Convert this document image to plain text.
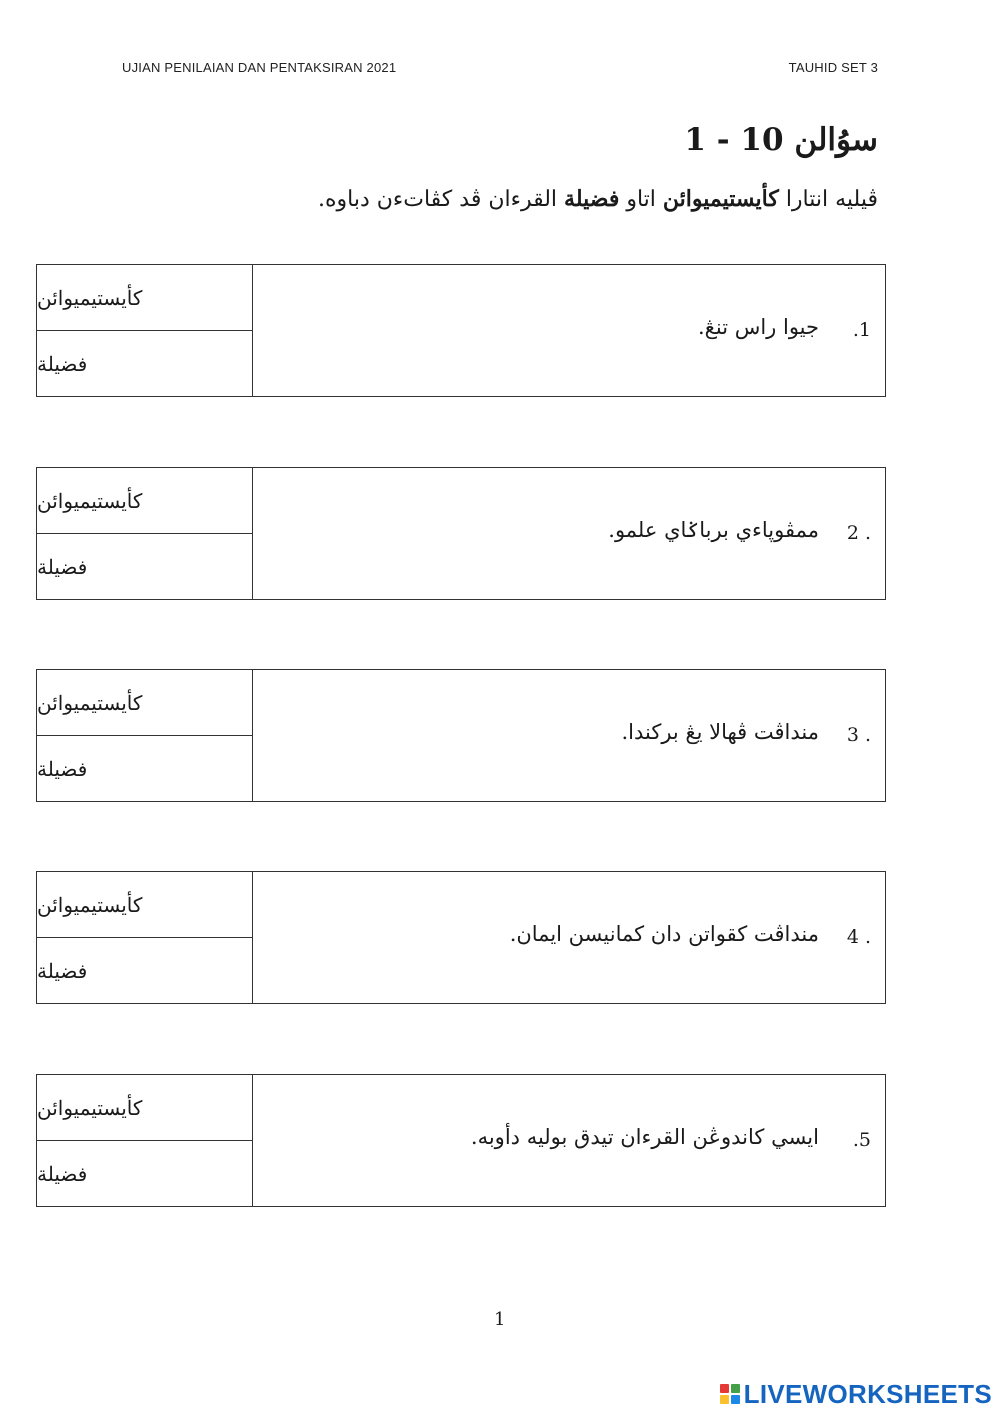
UJIAN PENILAIAN DAN PENTAKSIRAN 2021	TAUHID SET 3
سوُالن 10 - 1
ڤيليه انتارا كأيستيميوائن اتاو فضيلة القرءان ڤد كڤاتءن دباوه.
كأيستيميوائن
فضيلة
.1
جيوا راس تنڠ.
كأيستيميوائن
فضيلة
2 .
ممڤوڽاءي برباݢاي علمو.
كأيستيميوائن
فضيلة
3 .
منداڤت ڤهالا يڠ بركندا.
كأيستيميوائن
فضيلة
4 .
منداڤت كقواتن دان كمانيسن ايمان.
كأيستيميوائن
فضيلة
.5
ايسي كاندوڠن القرءان تيدق بوليه دأوبه.
1
LIVEWORKSHEETS
